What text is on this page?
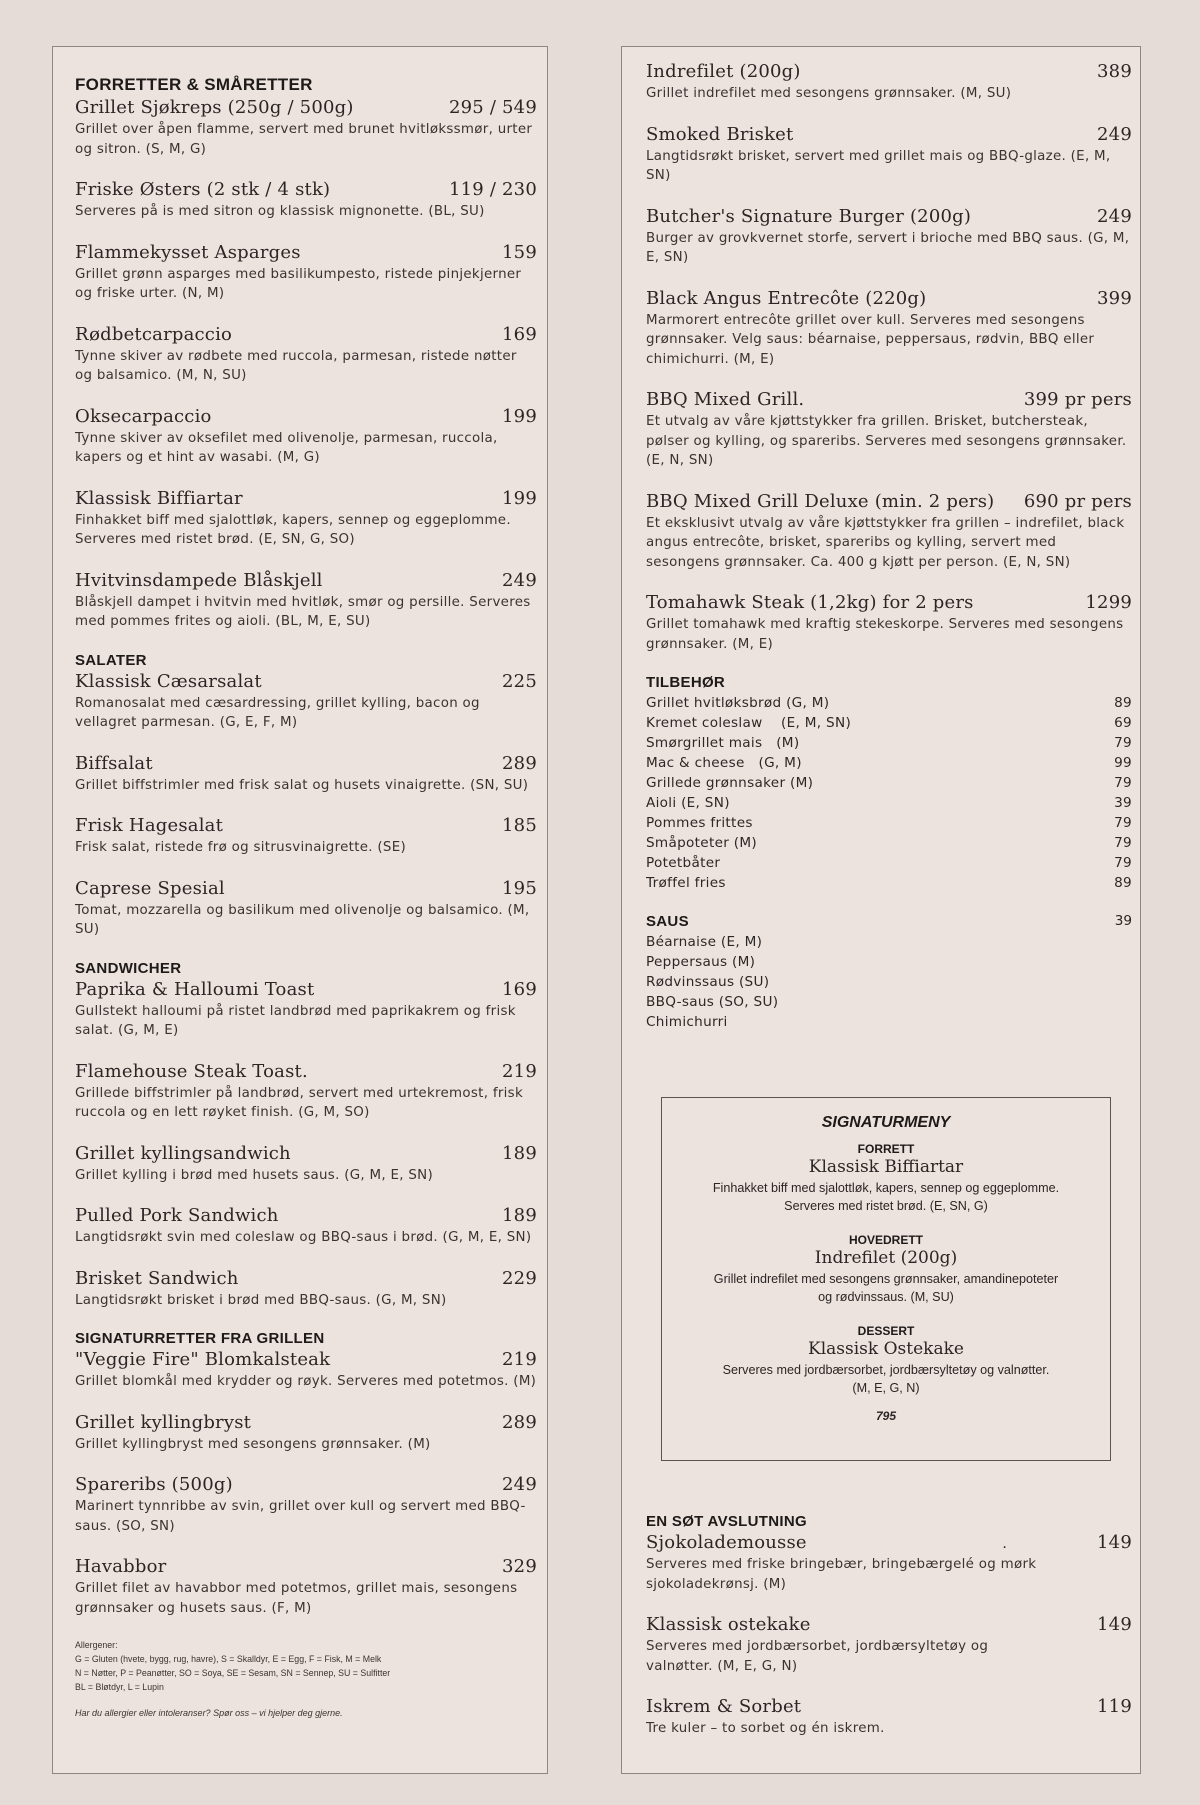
FORRETTER & SMÅRETTER
Grillet Sjøkreps (250g / 500g)	295 / 549
Grillet over åpen flamme, servert med brunet hvitløkssmør, urter og sitron. (S, M, G)
Friske Østers (2 stk / 4 stk)	119 / 230
Serveres på is med sitron og klassisk mignonette. (BL, SU)
Flammekysset Asparges	159
Grillet grønn asparges med basilikumpesto, ristede pinjekjerner og friske urter. (N, M)
Rødbetcarpaccio	169
Tynne skiver av rødbete med ruccola, parmesan, ristede nøtter og balsamico. (M, N, SU)
Oksecarpaccio	199
Tynne skiver av oksefilet med olivenolje, parmesan, ruccola, kapers og et hint av wasabi. (M, G)
Klassisk Biffiartar	199
Finhakket biff med sjalottløk, kapers, sennep og eggeplomme. Serveres med ristet brød. (E, SN, G, SO)
Hvitvinsdampede Blåskjell	249
Blåskjell dampet i hvitvin med hvitløk, smør og persille. Serveres med pommes frites og aioli. (BL, M, E, SU)
SALATER
Klassisk Cæsarsalat	225
Romanosalat med cæsardressing, grillet kylling, bacon og vellagret parmesan. (G, E, F, M)
Biffsalat	289
Grillet biffstrimler med frisk salat og husets vinaigrette. (SN, SU)
Frisk Hagesalat	185
Frisk salat, ristede frø og sitrusvinaigrette. (SE)
Caprese Spesial	195
Tomat, mozzarella og basilikum med olivenolje og balsamico. (M, SU)
SANDWICHER
Paprika & Halloumi Toast	169
Gullstekt halloumi på ristet landbrød med paprikakrem og frisk salat. (G, M, E)
Flamehouse Steak Toast.	219
Grillede biffstrimler på landbrød, servert med urtekremost, frisk ruccola og en lett røyket finish. (G, M, SO)
Grillet kyllingsandwich	189
Grillet kylling i brød med husets saus. (G, M, E, SN)
Pulled Pork Sandwich	189
Langtidsrøkt svin med coleslaw og BBQ-saus i brød. (G, M, E, SN)
Brisket Sandwich	229
Langtidsrøkt brisket i brød med BBQ-saus. (G, M, SN)
SIGNATURRETTER FRA GRILLEN
"Veggie Fire" Blomkalsteak	219
Grillet blomkål med krydder og røyk. Serveres med potetmos. (M)
Grillet kyllingbryst	289
Grillet kyllingbryst med sesongens grønnsaker. (M)
Spareribs (500g)	249
Marinert tynnribbe av svin, grillet over kull og servert med BBQ-saus. (SO, SN)
Havabbor	329
Grillet filet av havabbor med potetmos, grillet mais, sesongens grønnsaker og husets saus. (F, M)
Allergener:
G = Gluten (hvete, bygg, rug, havre), S = Skalldyr, E = Egg, F = Fisk, M = Melk
N = Nøtter, P = Peanøtter, SO = Soya, SE = Sesam, SN = Sennep, SU = Sulfitter
BL = Bløtdyr, L = Lupin
Har du allergier eller intoleranser? Spør oss – vi hjelper deg gjerne.
Indrefilet (200g)	389
Grillet indrefilet med sesongens grønnsaker. (M, SU)
Smoked Brisket	249
Langtidsrøkt brisket, servert med grillet mais og BBQ-glaze. (E, M, SN)
Butcher's Signature Burger (200g)	249
Burger av grovkvernet storfe, servert i brioche med BBQ saus. (G, M, E, SN)
Black Angus Entrecôte (220g)	399
Marmorert entrecôte grillet over kull. Serveres med sesongens grønnsaker. Velg saus: béarnaise, peppersaus, rødvin, BBQ eller chimichurri. (M, E)
BBQ Mixed Grill.	399 pr pers
Et utvalg av våre kjøttstykker fra grillen. Brisket, butchersteak, pølser og kylling, og spareribs. Serveres med sesongens grønnsaker. (E, N, SN)
BBQ Mixed Grill Deluxe (min. 2 pers) 690 pr pers
Et eksklusivt utvalg av våre kjøttstykker fra grillen – indrefilet, black angus entrecôte, brisket, spareribs og kylling, servert med sesongens grønnsaker. Ca. 400 g kjøtt per person. (E, N, SN)
Tomahawk Steak (1,2kg) for 2 pers	1299
Grillet tomahawk med kraftig stekeskorpe. Serveres med sesongens grønnsaker. (M, E)
TILBEHØR
Grillet hvitløksbrød (G, M)	89
Kremet coleslaw    (E, M, SN)	69
Smørgrillet mais   (M)	79
Mac & cheese   (G, M)	99
Grillede grønnsaker (M)	79
Aioli (E, SN)	39
Pommes frittes	79
Småpoteter (M)	79
Potetbåter	79
Trøffel fries	89
SAUS	39
Béarnaise (E, M)
Peppersaus (M)
Rødvinssaus (SU)
BBQ-saus (SO, SU)
Chimichurri
EN SØT AVSLUTNING
Sjokolademousse	.	149
Serveres med friske bringebær, bringebærgelé og mørk sjokoladekrønsj. (M)
Klassisk ostekake	149
Serveres med jordbærsorbet, jordbærsyltetøy og valnøtter. (M, E, G, N)
Iskrem & Sorbet	119
Tre kuler – to sorbet og én iskrem.
SIGNATURMENY
FORRETT
Klassisk Biffiartar
Finhakket biff med sjalottløk, kapers, sennep og eggeplomme.
Serveres med ristet brød. (E, SN, G)
HOVEDRETT
Indrefilet (200g)
Grillet indrefilet med sesongens grønnsaker, amandinepoteter
og rødvinssaus. (M, SU)
DESSERT
Klassisk Ostekake
Serveres med jordbærsorbet, jordbærsyltetøy og valnøtter.
(M, E, G, N)
795
